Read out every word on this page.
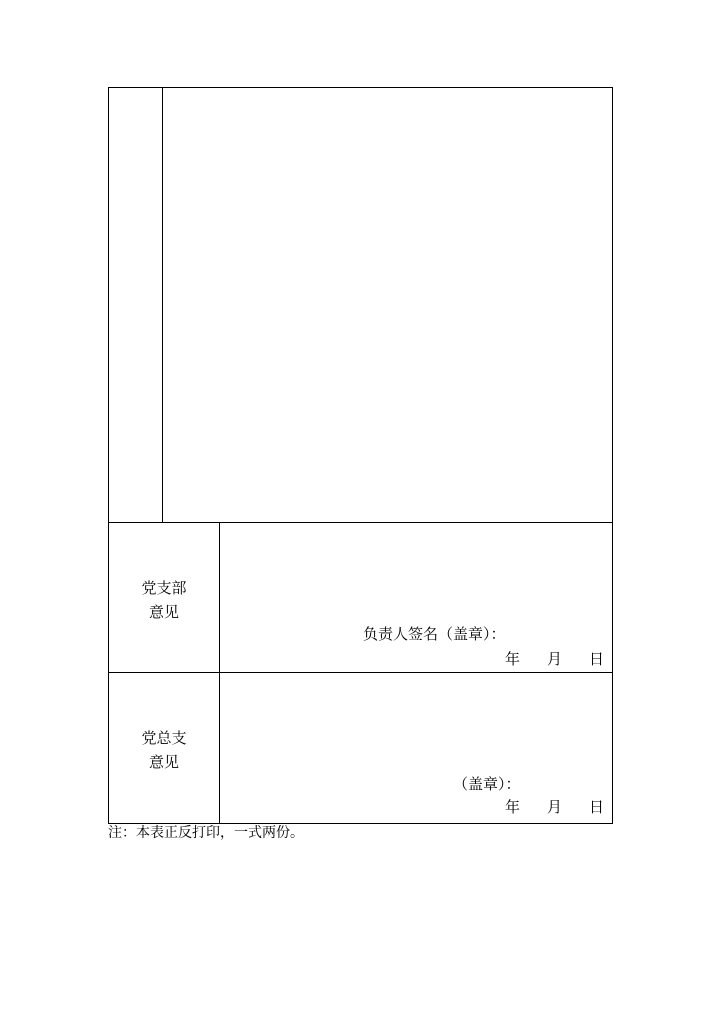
党支部
意见
负责人签名（盖章）：
年 月 日
党总支
意见
（盖章）：
年 月 日
注：本表正反打印，一式两份。
